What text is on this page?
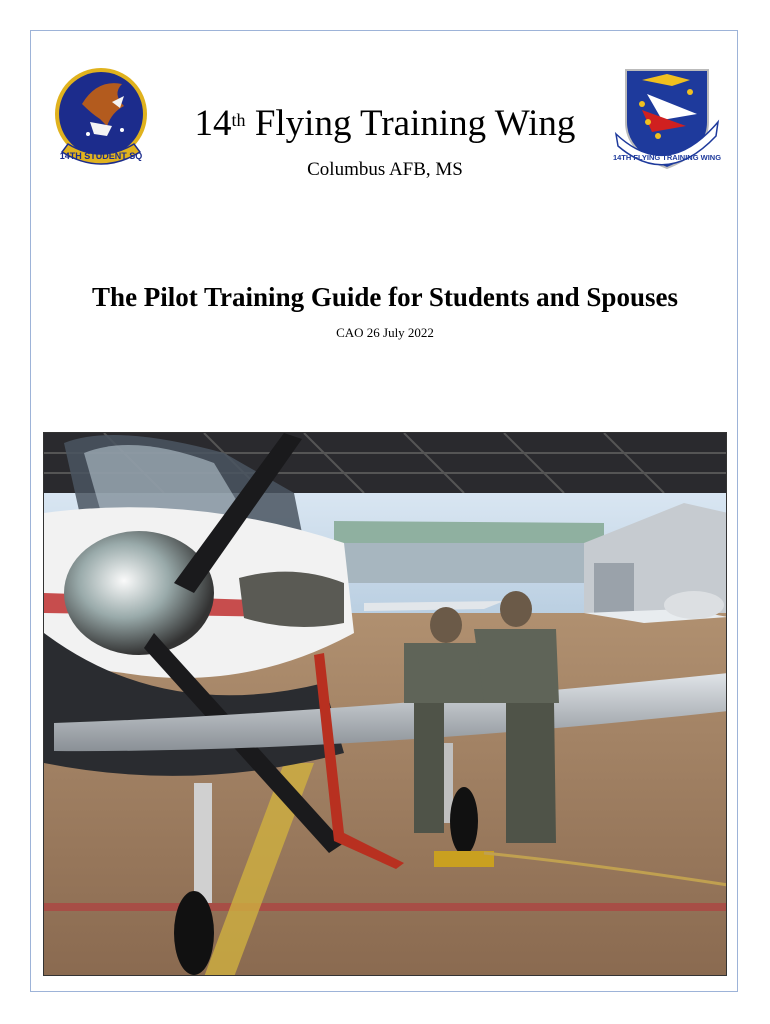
14TH STUDENT SQ	14TH FLYING TRAINING WING
14th Flying Training Wing
Columbus AFB, MS
The Pilot Training Guide for Students and Spouses
CAO 26 July 2022
